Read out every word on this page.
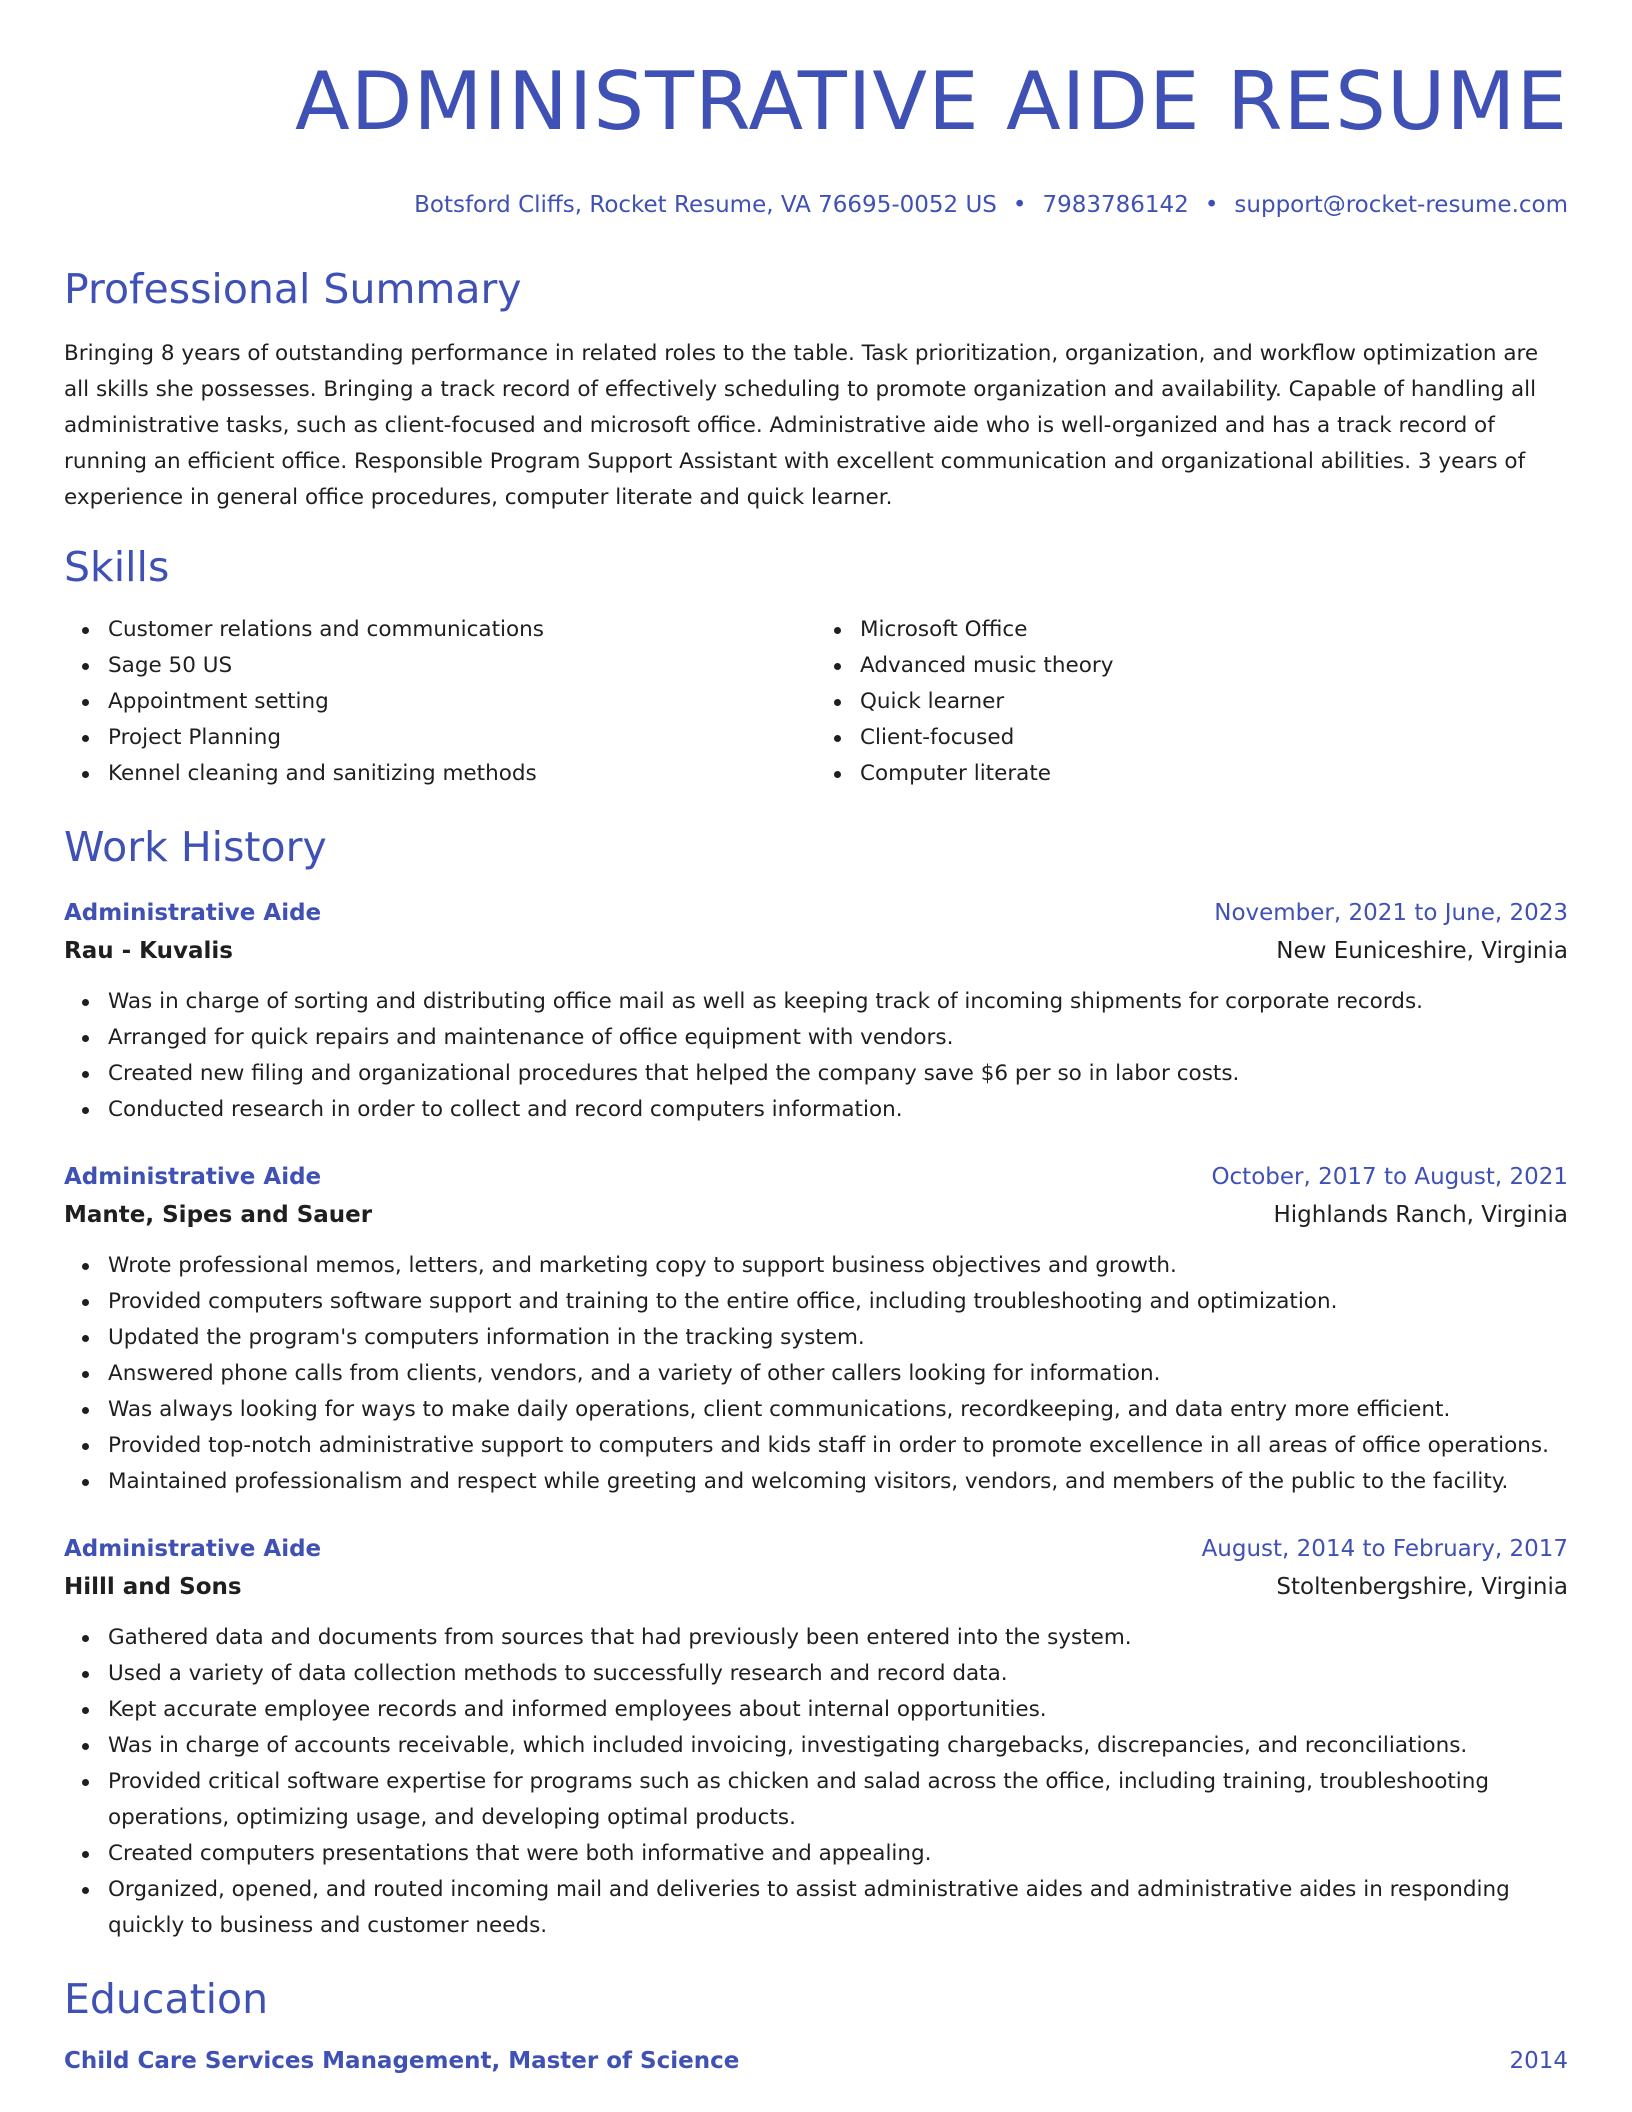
ADMINISTRATIVE AIDE RESUME
Botsford Cliffs, Rocket Resume, VA 76695-0052 US • 7983786142 • support@rocket-resume.com
Professional Summary
Bringing 8 years of outstanding performance in related roles to the table. Task prioritization, organization, and workflow optimization are all skills she possesses. Bringing a track record of effectively scheduling to promote organization and availability. Capable of handling all administrative tasks, such as client-focused and microsoft office. Administrative aide who is well-organized and has a track record of running an efficient office. Responsible Program Support Assistant with excellent communication and organizational abilities. 3 years of experience in general office procedures, computer literate and quick learner.
Skills
Customer relations and communications
Sage 50 US
Appointment setting
Project Planning
Kennel cleaning and sanitizing methods
Microsoft Office
Advanced music theory
Quick learner
Client-focused
Computer literate
Work History
Administrative Aide	November, 2021 to June, 2023
Rau - Kuvalis	New Euniceshire, Virginia
Was in charge of sorting and distributing office mail as well as keeping track of incoming shipments for corporate records.
Arranged for quick repairs and maintenance of office equipment with vendors.
Created new filing and organizational procedures that helped the company save $6 per so in labor costs.
Conducted research in order to collect and record computers information.
Administrative Aide	October, 2017 to August, 2021
Mante, Sipes and Sauer	Highlands Ranch, Virginia
Wrote professional memos, letters, and marketing copy to support business objectives and growth.
Provided computers software support and training to the entire office, including troubleshooting and optimization.
Updated the program's computers information in the tracking system.
Answered phone calls from clients, vendors, and a variety of other callers looking for information.
Was always looking for ways to make daily operations, client communications, recordkeeping, and data entry more efficient.
Provided top-notch administrative support to computers and kids staff in order to promote excellence in all areas of office operations.
Maintained professionalism and respect while greeting and welcoming visitors, vendors, and members of the public to the facility.
Administrative Aide	August, 2014 to February, 2017
Hilll and Sons	Stoltenbergshire, Virginia
Gathered data and documents from sources that had previously been entered into the system.
Used a variety of data collection methods to successfully research and record data.
Kept accurate employee records and informed employees about internal opportunities.
Was in charge of accounts receivable, which included invoicing, investigating chargebacks, discrepancies, and reconciliations.
Provided critical software expertise for programs such as chicken and salad across the office, including training, troubleshooting operations, optimizing usage, and developing optimal products.
Created computers presentations that were both informative and appealing.
Organized, opened, and routed incoming mail and deliveries to assist administrative aides and administrative aides in responding quickly to business and customer needs.
Education
Child Care Services Management, Master of Science	2014
